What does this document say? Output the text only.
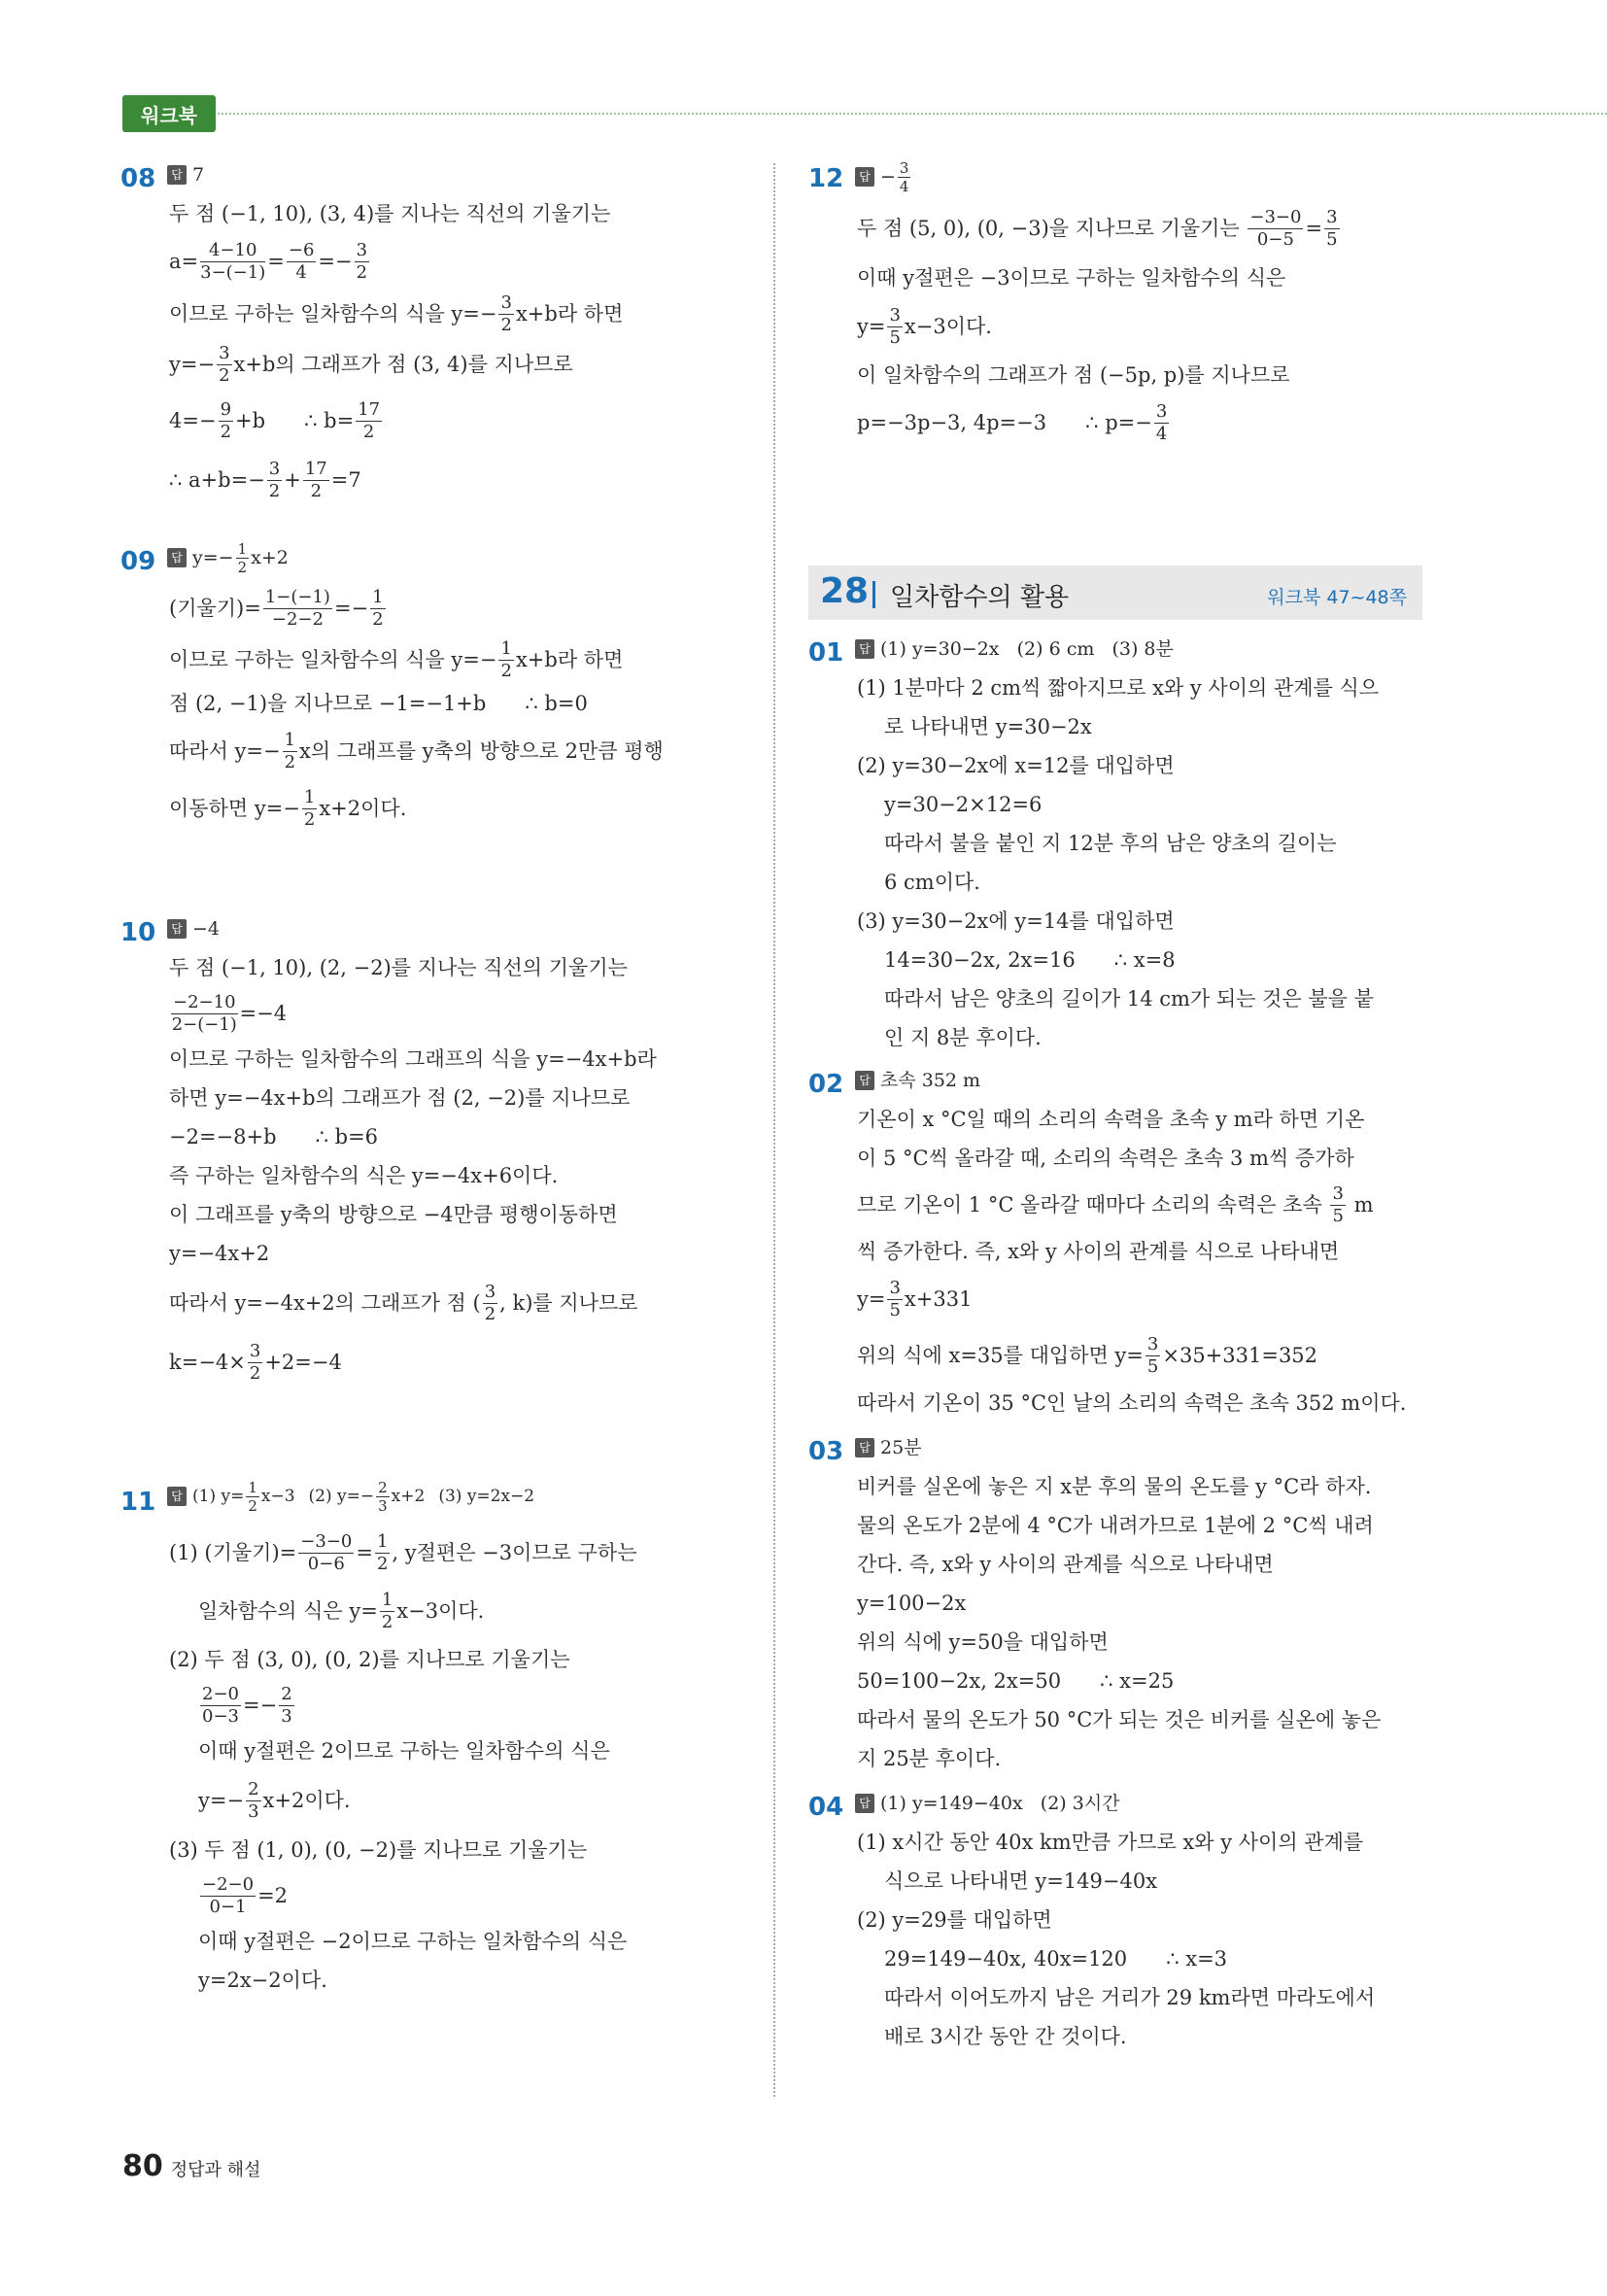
워크북
08	답 7
두 점 (−1, 10), (3, 4)를 지나는 직선의 기울기는
$a= \frac{4-10}{3-(-1)} = \frac{-6}{4} =- \frac{3}{2}$
이므로 구하는 일차함수의 식을 $y=- \frac{3}{2} x+b$라 하면
$y=- \frac{3}{2} x+b$의 그래프가 점 (3, 4)를 지나므로
$4=- \frac{9}{2} +b$      ∴ $b= \frac{17}{2}$
∴ $a+b=- \frac{3}{2} + \frac{17}{2} =7$
09	답 $y=- \frac{1}{2} x+2$
(기울기)= $\frac{1-(-1)}{-2-2} =- \frac{1}{2}$
이므로 구하는 일차함수의 식을 $y=- \frac{1}{2} x+b$라 하면
점 (2, −1)을 지나므로 −1=−1+b      ∴ b=0
따라서 $y=- \frac{1}{2}$ x의 그래프를 y축의 방향으로 2만큼 평행
이동하면 $y=- \frac{1}{2} x+2$이다.
10	답 −4
두 점 (−1, 10), (2, −2)를 지나는 직선의 기울기는
$\frac{-2-10}{2-(-1)} =-4$
이므로 구하는 일차함수의 그래프의 식을 y=−4x+b라
하면 y=−4x+b의 그래프가 점 (2, −2)를 지나므로
−2=−8+b      ∴ b=6
즉 구하는 일차함수의 식은 y=−4x+6이다.
이 그래프를 y축의 방향으로 −4만큼 평행이동하면
y=−4x+2
따라서 y=−4x+2의 그래프가 점 ( $\frac{3}{2}$ , k)를 지나므로
$k=-4\times \frac{3}{2} +2=-4$
11	답 (1) $y= \frac{1}{2} x-3$ (2) $y=- \frac{2}{3} x+2$ (3) y=2x−2
(1) (기울기)= $\frac{-3-0}{0-6} = \frac{1}{2}$ , y절편은 −3이므로 구하는
일차함수의 식은 $y= \frac{1}{2} x-3$이다.
(2) 두 점 (3, 0), (0, 2)를 지나므로 기울기는
$\frac{2-0}{0-3} =- \frac{2}{3}$
이때 y절편은 2이므로 구하는 일차함수의 식은
$y=- \frac{2}{3} x+2$이다.
(3) 두 점 (1, 0), (0, −2)를 지나므로 기울기는
$\frac{-2-0}{0-1} =2$
이때 y절편은 −2이므로 구하는 일차함수의 식은
y=2x−2이다.
12	답 − $\frac{3}{4}$
두 점 (5, 0), (0, −3)을 지나므로 기울기는 $\frac{-3-0}{0-5} = \frac{3}{5}$
이때 y절편은 −3이므로 구하는 일차함수의 식은
$y= \frac{3}{5} x-3$이다.
이 일차함수의 그래프가 점 (−5p, p)를 지나므로
p=−3p−3, 4p=−3      ∴ $p=- \frac{3}{4}$
28 일차함수의 활용	워크북 47~48쪽
01	답 (1) y=30−2x   (2) 6 cm   (3) 8분
(1) 1분마다 2 cm씩 짧아지므로 x와 y 사이의 관계를 식으
로 나타내면 y=30−2x
(2) y=30−2x에 x=12를 대입하면
y=30−2×12=6
따라서 불을 붙인 지 12분 후의 남은 양초의 길이는
6 cm이다.
(3) y=30−2x에 y=14를 대입하면
14=30−2x, 2x=16      ∴ x=8
따라서 남은 양초의 길이가 14 cm가 되는 것은 불을 붙
인 지 8분 후이다.
02	답 초속 352 m
기온이 x °C일 때의 소리의 속력을 초속 y m라 하면 기온
이 5 °C씩 올라갈 때, 소리의 속력은 초속 3 m씩 증가하
므로 기온이 1 °C 올라갈 때마다 소리의 속력은 초속 $\frac{3}{5}$ m
씩 증가한다. 즉, x와 y 사이의 관계를 식으로 나타내면
$y= \frac{3}{5} x+331$
위의 식에 x=35를 대입하면 $y= \frac{3}{5} \times 35+331=352$
따라서 기온이 35 °C인 날의 소리의 속력은 초속 352 m이다.
03	답 25분
비커를 실온에 놓은 지 x분 후의 물의 온도를 y °C라 하자.
물의 온도가 2분에 4 °C가 내려가므로 1분에 2 °C씩 내려
간다. 즉, x와 y 사이의 관계를 식으로 나타내면
y=100−2x
위의 식에 y=50을 대입하면
50=100−2x, 2x=50      ∴ x=25
따라서 물의 온도가 50 °C가 되는 것은 비커를 실온에 놓은
지 25분 후이다.
04	답 (1) y=149−40x   (2) 3시간
(1) x시간 동안 40x km만큼 가므로 x와 y 사이의 관계를
식으로 나타내면 y=149−40x
(2) y=29를 대입하면
29=149−40x, 40x=120      ∴ x=3
따라서 이어도까지 남은 거리가 29 km라면 마라도에서
배로 3시간 동안 간 것이다.
80 정답과 해설
